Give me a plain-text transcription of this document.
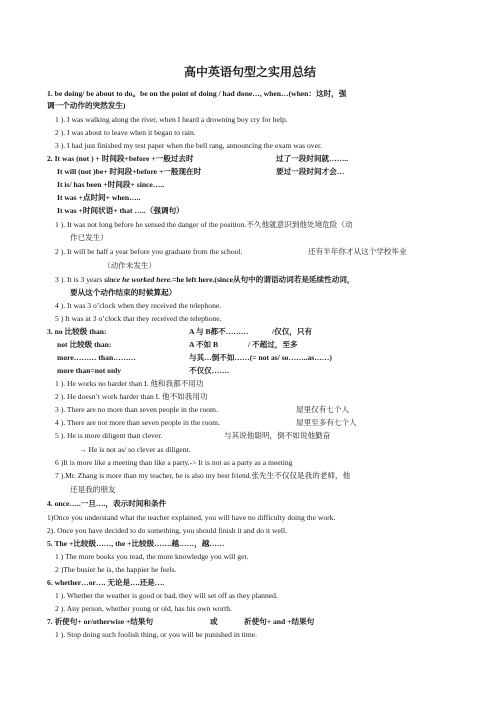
高中英语句型之实用总结
1. be doing/ be about to do。be on the point of doing / had done…, when…(when：这时，强
调一个动作的突然发生)
1 ). I was walking along the river, when I heard a drowning boy cry for help.
2 ). I was about to leave when it began to rain.
3 ). I had just finished my test paper when the bell rang, announcing the exam was over.
2. It was (not ) + 时间段+before +一般过去时	过了一段时间就……..
It will (not )be+ 时间段+before +一般现在时	要过一段时间才会…
It is/ has been +时间段+ since…..
It was +点时间+ when…..
It was +时间状语+ that …..（强调句）
1 ). It was not long before he sensed the danger of the position.不久他就意识到他处境危险（动
作已发生）
2 ). It will be half a year before you graduate from the school.	还有半年你才从这个学校毕业
（动作未发生）
3 ). It is 3 years since he worked here.=he left here.(since从句中的谓语动词若是延续性动词，
要从这个动作结束的时候算起）
4 ). It was 3 o’clock when they received the telephone.
5 ) It was at 3 o’clock that they received the telephone.
3. no 比较级 than:	A 与 B都不………	/仅仅，只有
not 比较级 than:	A 不如 B	/ 不超过，至多
more……… than………	与其…倒不如……(= not as/ so……..as……)
more than=not only	不仅仅…….
1 ). He works no harder than I. 他和我都不用功
2 ). He doesn’t work harder than I. 他不如我用功
3 ). There are no more than seven people in the room.	屋里仅有七个人
4 ). There are not more than seven people in the room.	屋里至多有七个人
5 ). He is more diligent than clever.	与其说他聪明，倒不如说他勤奋
→ He is not as/ so clever as diligent.
6 )It is more like a meeting than like a party.-> It is not as a party as a meeting
7 ).Mr. Zhang is more than my teacher, he is also my best friend.张先生不仅仅是我的老师，他
还是我的朋友
4. once…..一旦….，表示时间和条件
1)Once you understand what the teacher explained, you will have no difficulty doing the work.
2). Once you have decided to do something, you should finish it and do it well.
5. The +比较级……, the +比较级…….越……，越……
1 ) The more books you read, the more knowledge you will get.
2 )The busier he is, the happier he feels.
6. whether…or…. 无论是….还是….
1 ). Whether the weather is good or bad, they will set off as they planned.
2 ). Any person, whether young or old, has his own worth.
7. 祈使句+ or/otherwise +结果句	或	祈使句+ and +结果句
1 ). Stop doing such foolish thing, or you will be punished in time.
